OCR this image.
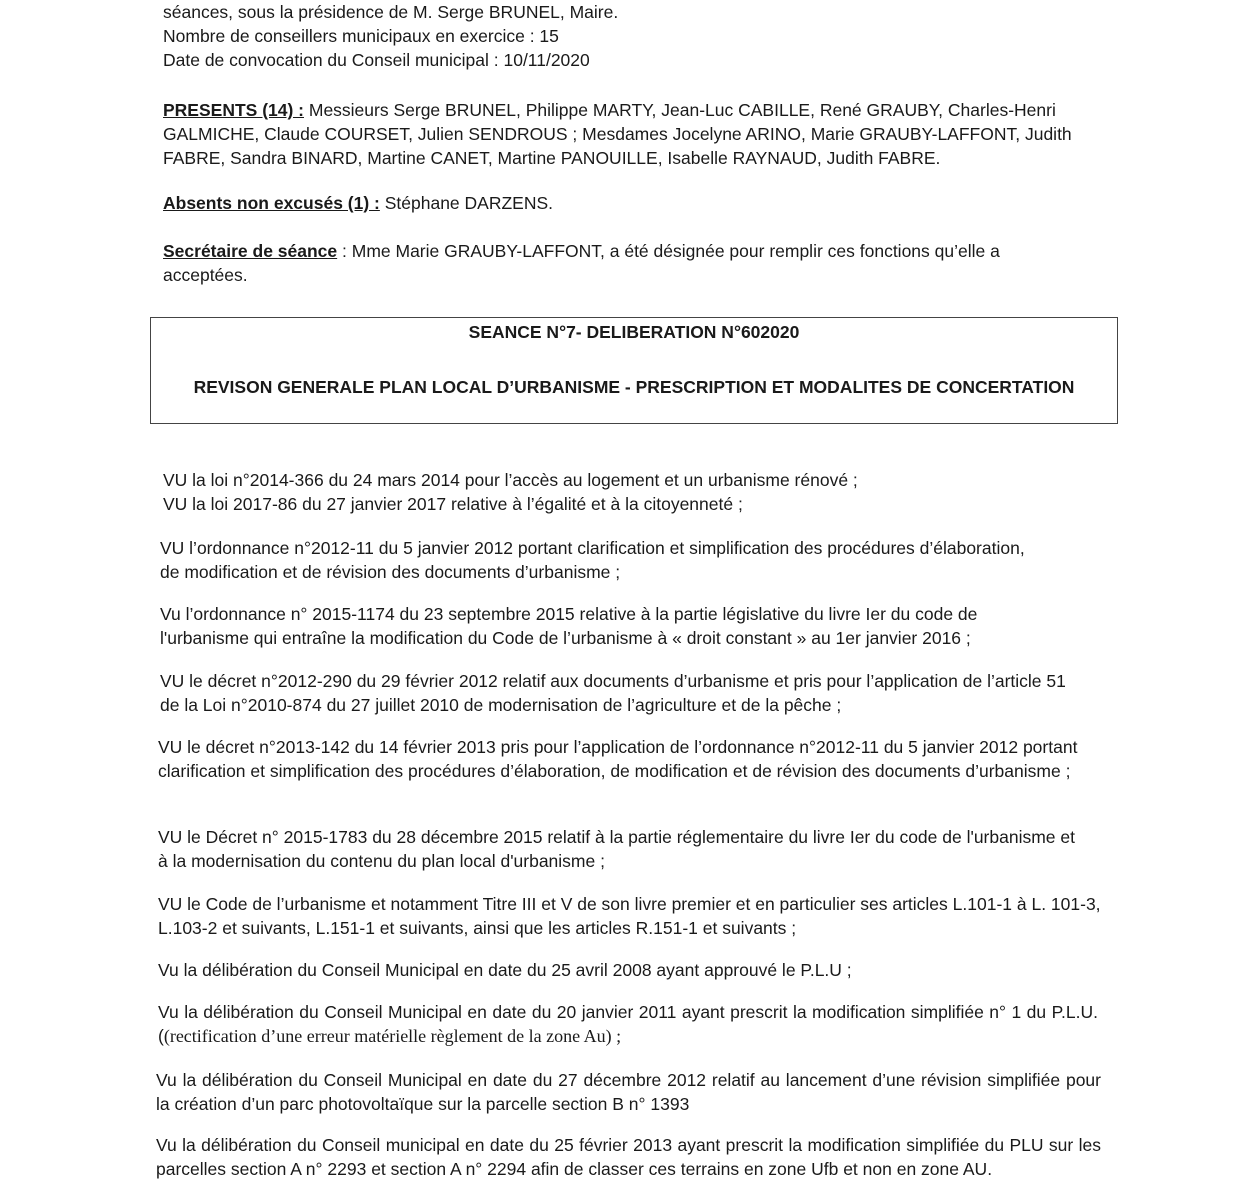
séances, sous la présidence de M. Serge BRUNEL, Maire.

Nombre de conseillers municipaux en exercice : 15

Date de convocation du Conseil municipal : 10/11/2020

PRESENTS (14) : Messieurs Serge BRUNEL, Philippe MARTY, Jean-Luc CABILLE, René GRAUBY, Charles-Henri GALMICHE, Claude COURSET, Julien SENDROUS ; Mesdames Jocelyne ARINO, Marie GRAUBY-LAFFONT, Judith FABRE, Sandra BINARD, Martine CANET, Martine PANOUILLE, Isabelle RAYNAUD, Judith FABRE.

Absents non excusés (1) : Stéphane DARZENS.

Secrétaire de séance : Mme Marie GRAUBY-LAFFONT, a été désignée pour remplir ces fonctions qu’elle a acceptées.

SEANCE N°7- DELIBERATION N°602020

REVISON GENERALE PLAN LOCAL D’URBANISME - PRESCRIPTION ET MODALITES DE CONCERTATION

VU la loi n°2014-366 du 24 mars 2014 pour l’accès au logement et un urbanisme rénové ;

VU la loi 2017-86 du 27 janvier 2017 relative à l’égalité et à la citoyenneté ;

VU l’ordonnance n°2012-11 du 5 janvier 2012 portant clarification et simplification des procédures d’élaboration, de modification et de révision des documents d’urbanisme ;

Vu l’ordonnance n° 2015-1174 du 23 septembre 2015 relative à la partie législative du livre Ier du code de l'urbanisme qui entraîne la modification du Code de l’urbanisme à « droit constant » au 1er janvier 2016 ;

VU le décret n°2012-290 du 29 février 2012 relatif aux documents d’urbanisme et pris pour l’application de l’article 51 de la Loi n°2010-874 du 27 juillet 2010 de modernisation de l’agriculture et de la pêche ;

VU le décret n°2013-142 du 14 février 2013 pris pour l’application de l’ordonnance n°2012-11 du 5 janvier 2012 portant clarification et simplification des procédures d’élaboration, de modification et de révision des documents d’urbanisme ;

VU le Décret n° 2015-1783 du 28 décembre 2015 relatif à la partie réglementaire du livre Ier du code de l'urbanisme et à la modernisation du contenu du plan local d'urbanisme ;

VU le Code de l’urbanisme et notamment Titre III et V de son livre premier et en particulier ses articles L.101-1 à L. 101-3, L.103-2 et suivants, L.151-1 et suivants, ainsi que les articles R.151-1 et suivants ;

Vu la délibération du Conseil Municipal en date du 25 avril 2008 ayant approuvé le P.L.U ;

Vu la délibération du Conseil Municipal en date du 20 janvier 2011 ayant prescrit la modification simplifiée n° 1 du P.L.U. ((rectification d’une erreur matérielle règlement de la zone Au) ;

Vu la délibération du Conseil Municipal en date du 27 décembre 2012 relatif au lancement d’une révision simplifiée pour la création d’un parc photovoltaïque sur la parcelle section B n° 1393

Vu la délibération du Conseil municipal en date du 25 février 2013 ayant prescrit la modification simplifiée du PLU sur les parcelles section A n° 2293 et section A n° 2294 afin de classer ces terrains en zone Ufb et non en zone AU.
